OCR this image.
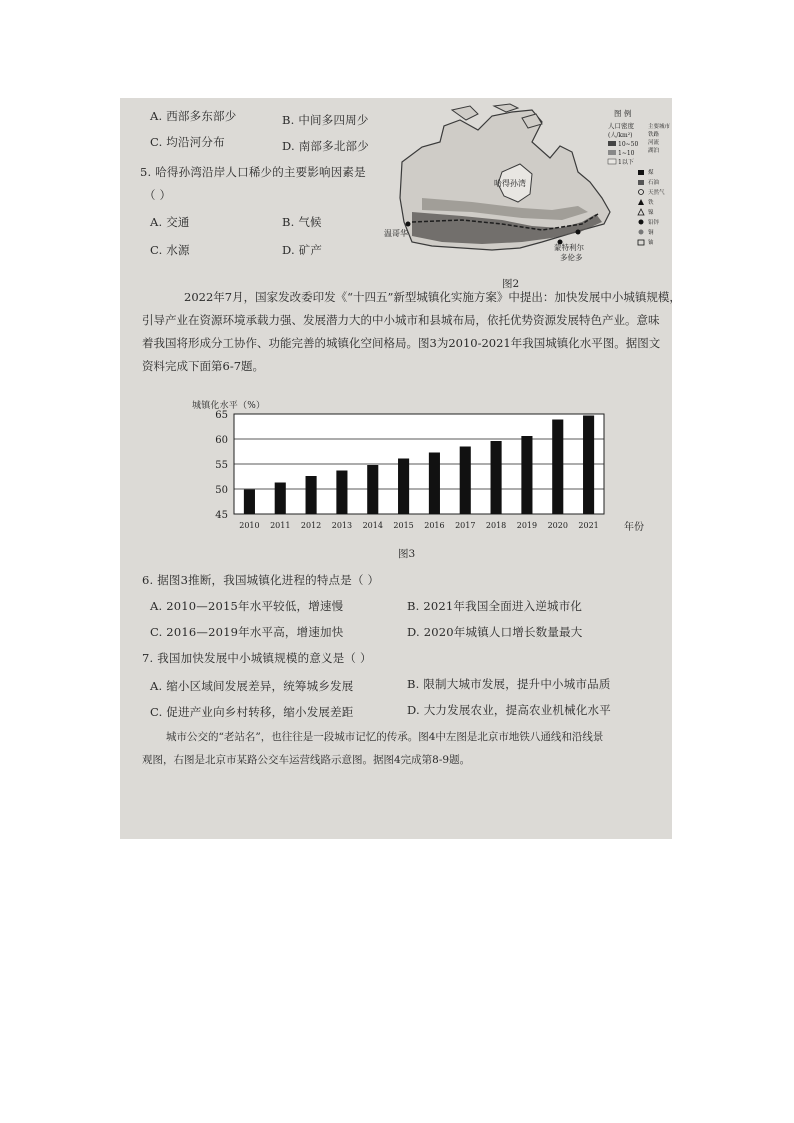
A. 西部多东部少	B. 中间多四周少
C. 均沿河分布	D. 南部多北部少
5. 哈得孙湾沿岸人口稀少的主要影响因素是
（ ）
A. 交通	B. 气候
C. 水源	D. 矿产
哈得孙湾
温哥华
蒙特利尔
多伦多
图 例
人口密度
(人/km²)
10~50
1~10
1以下
主要城市
铁路
河流
湖泊
煤
石油
天然气
铁
镍
铅锌
铜
铀
图2
2022年7月，国家发改委印发《“十四五”新型城镇化实施方案》中提出：加快发展中小城镇规模，
引导产业在资源环境承载力强、发展潜力大的中小城市和县城布局，依托优势资源发展特色产业。意味
着我国将形成分工协作、功能完善的城镇化空间格局。图3为2010-2021年我国城镇化水平图。据图文
资料完成下面第6-7题。
城镇化水平（%）
2010 2011 2012 2013 2014 2015 2016 2017 2018 2019 2020 2021
45
50
55
60
65
年份
图3
6. 据图3推断，我国城镇化进程的特点是（ ）
A. 2010—2015年水平较低，增速慢	B. 2021年我国全面进入逆城市化
C. 2016—2019年水平高，增速加快	D. 2020年城镇人口增长数量最大
7. 我国加快发展中小城镇规模的意义是（ ）
A. 缩小区域间发展差异，统筹城乡发展	B. 限制大城市发展，提升中小城市品质
C. 促进产业向乡村转移，缩小发展差距	D. 大力发展农业，提高农业机械化水平
城市公交的“老站名”，也往往是一段城市记忆的传承。图4中左图是北京市地铁八通线和沿线景
观图，右图是北京市某路公交车运营线路示意图。据图4完成第8-9题。
